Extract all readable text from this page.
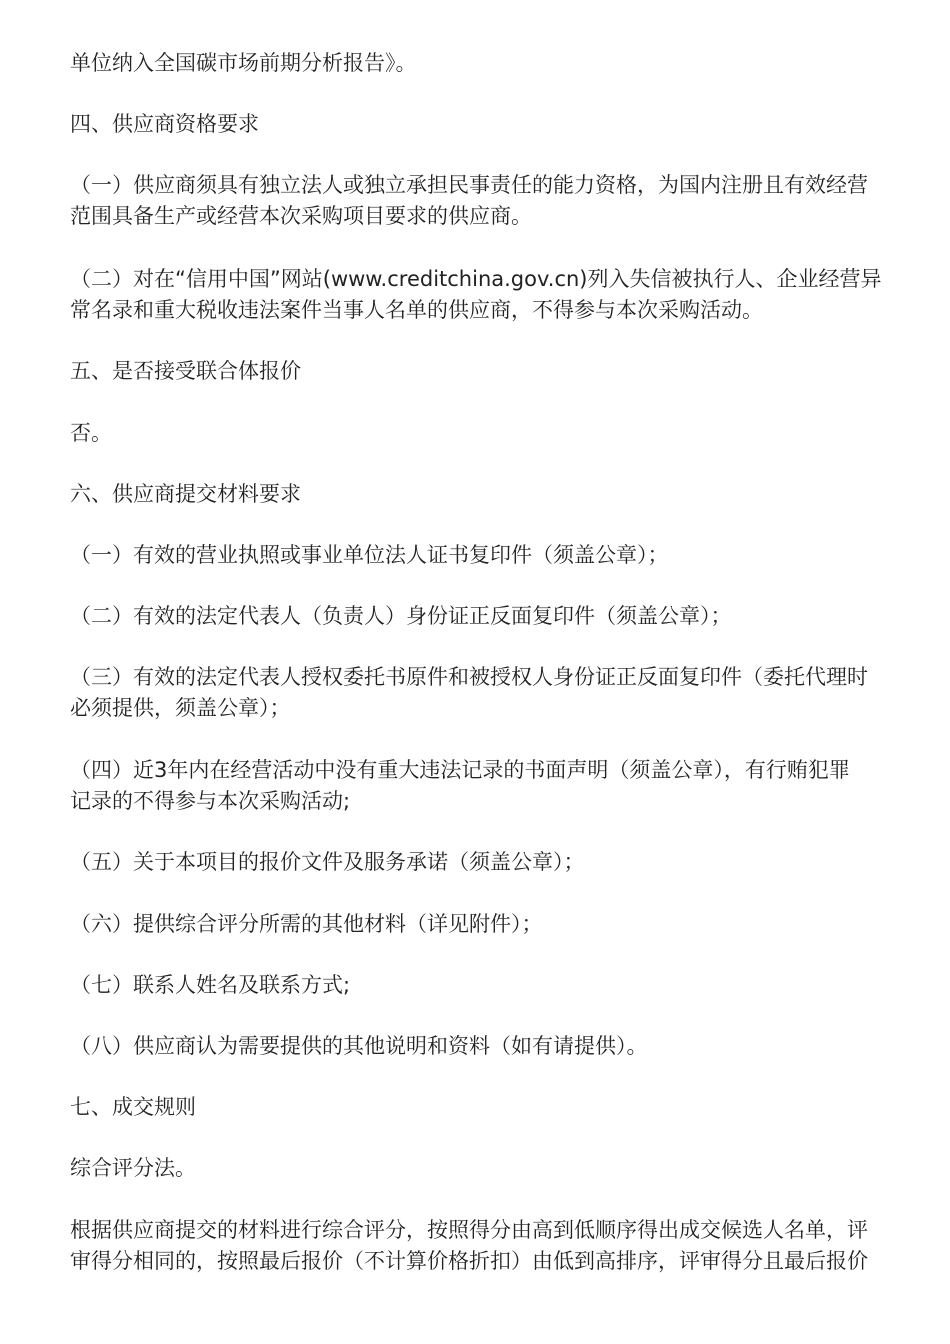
单位纳入全国碳市场前期分析报告》。
四、供应商资格要求
（一）供应商须具有独立法人或独立承担民事责任的能力资格，为国内注册且有效经营
范围具备生产或经营本次采购项目要求的供应商。
（二）对在“信用中国”网站(www.creditchina.gov.cn)列入失信被执行人、企业经营异
常名录和重大税收违法案件当事人名单的供应商，不得参与本次采购活动。
五、是否接受联合体报价
否。
六、供应商提交材料要求
（一）有效的营业执照或事业单位法人证书复印件（须盖公章）；
（二）有效的法定代表人（负责人）身份证正反面复印件（须盖公章）；
（三）有效的法定代表人授权委托书原件和被授权人身份证正反面复印件（委托代理时
必须提供，须盖公章）；
（四）近3年内在经营活动中没有重大违法记录的书面声明（须盖公章），有行贿犯罪
记录的不得参与本次采购活动;
（五）关于本项目的报价文件及服务承诺（须盖公章）；
（六）提供综合评分所需的其他材料（详见附件）；
（七）联系人姓名及联系方式;
（八）供应商认为需要提供的其他说明和资料（如有请提供）。
七、成交规则
综合评分法。
根据供应商提交的材料进行综合评分，按照得分由高到低顺序得出成交候选人名单，评
审得分相同的，按照最后报价（不计算价格折扣）由低到高排序，评审得分且最后报价
